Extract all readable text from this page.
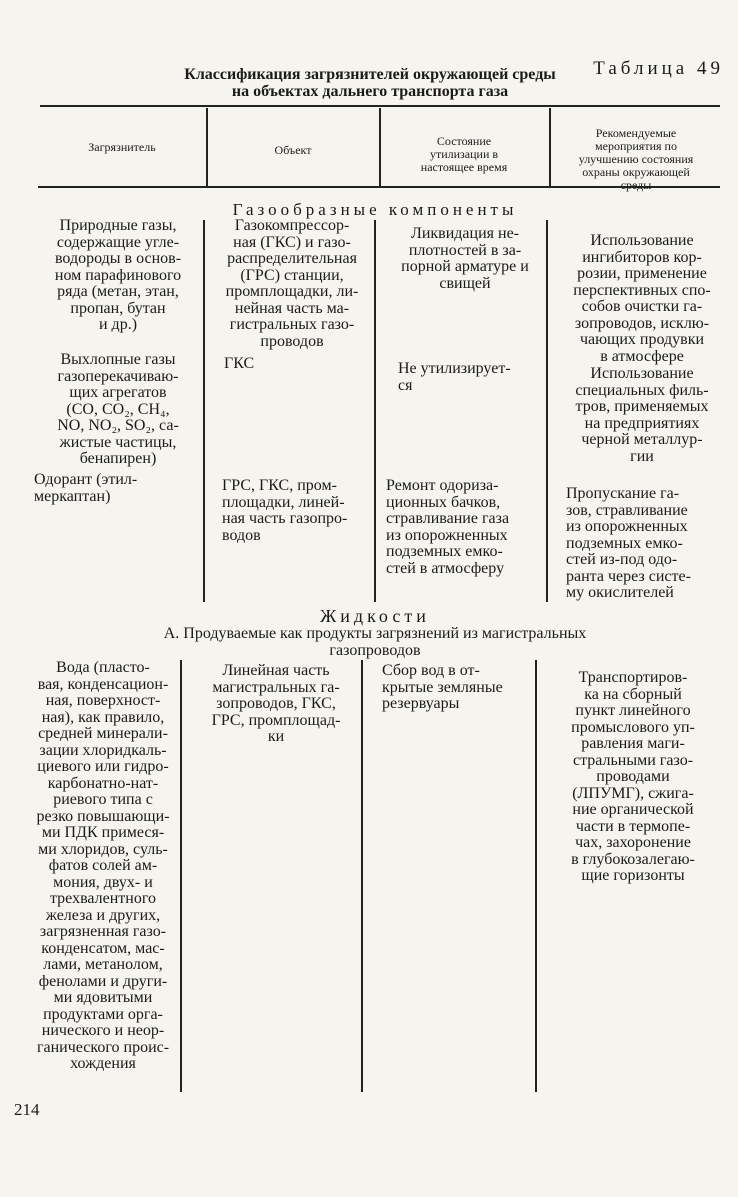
Таблица 49
Классификация загрязнителей окружающей среды
на объектах дальнего транспорта газа
Загрязнитель	Объект
Состояние
утилизации в
настоящее время
Рекомендуемые
мероприятия по
улучшению состояния
охраны окружающей
среды
Газообразные компоненты
Природные газы,
содержащие угле-
водороды в основ-
ном парафинового
ряда (метан, этан,
пропан, бутан
и др.)
Газокомпрессор-
ная (ГКС) и газо-
распределительная
(ГРС) станции,
промплощадки, ли-
нейная часть ма-
гистральных газо-
проводов
Ликвидация не-
плотностей в за-
порной арматуре и
свищей
Использование
ингибиторов кор-
розии, применение
перспективных спо-
собов очистки га-
зопроводов, исклю-
чающих продувки
в атмосфере
Выхлопные газы
газоперекачиваю-
щих агрегатов
(CO, CO₂, CH₄,
NO, NO₂, SO₂, са-
жистые частицы,
бенапирен)
ГКС	Не утилизирует-
ся
Использование
специальных филь-
тров, применяемых
на предприятиях
черной металлур-
гии
Одорант (этил-
меркаптан)
ГРС, ГКС, пром-
площадки, линей-
ная часть газопро-
водов
Ремонт одориза-
ционных бачков,
стравливание газа
из опорожненных
подземных емко-
стей в атмосферу
Пропускание га-
зов, стравливание
из опорожненных
подземных емко-
стей из-под одо-
ранта через систе-
му окислителей
Жидкости
А. Продуваемые как продукты загрязнений из магистральных
газопроводов
Вода (пласто-
вая, конденсацион-
ная, поверхност-
ная), как правило,
средней минерали-
зации хлоридкаль-
циевого или гидро-
карбонатно-нат-
риевого типа с
резко повышающи-
ми ПДК примеся-
ми хлоридов, суль-
фатов солей ам-
мония, двух- и
трехвалентного
железа и других,
загрязненная газо-
конденсатом, мас-
лами, метанолом,
фенолами и други-
ми ядовитыми
продуктами орга-
нического и неор-
ганического проис-
хождения
Линейная часть
магистральных га-
зопроводов, ГКС,
ГРС, промплощад-
ки
Сбор вод в от-
крытые земляные
резервуары
Транспортиров-
ка на сборный
пункт линейного
промыслового уп-
равления маги-
стральными газо-
проводами
(ЛПУМГ), сжига-
ние органической
части в термопе-
чах, захоронение
в глубокозалегаю-
щие горизонты
214
